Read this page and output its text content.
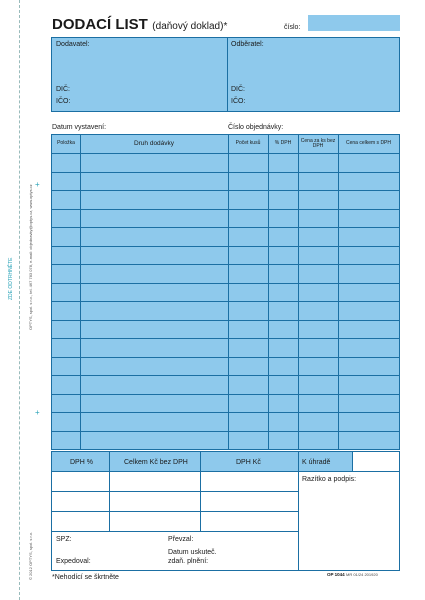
+
+
ZDE ODTRHNĚTE	OPTYS, spol. s r.o., tel. 467 783 078, e-mail: objednavky@optys.cz, www.optys.cz
© 2012 OPTYS, spol. s r.o.
DODACÍ LIST (daňový doklad)*	číslo:
Dodavatel:	Odběratel:
DIČ:
IČO:
DIČ:
IČO:
Datum vystavení:	Číslo objednávky:
Položka	Druh dodávky	Počet kusů	% DPH	Cena za ks bez DPH	Cena celkem s DPH
DPH %	Celkem Kč bez DPH	DPH Kč	K úhradě
Razítko a podpis:
SPZ:	Převzal:
Expedoval:
Datum uskuteč.
zdaň. plnění:
*Nehodící se škrtněte	OP 1044 MR 01/24 201920
